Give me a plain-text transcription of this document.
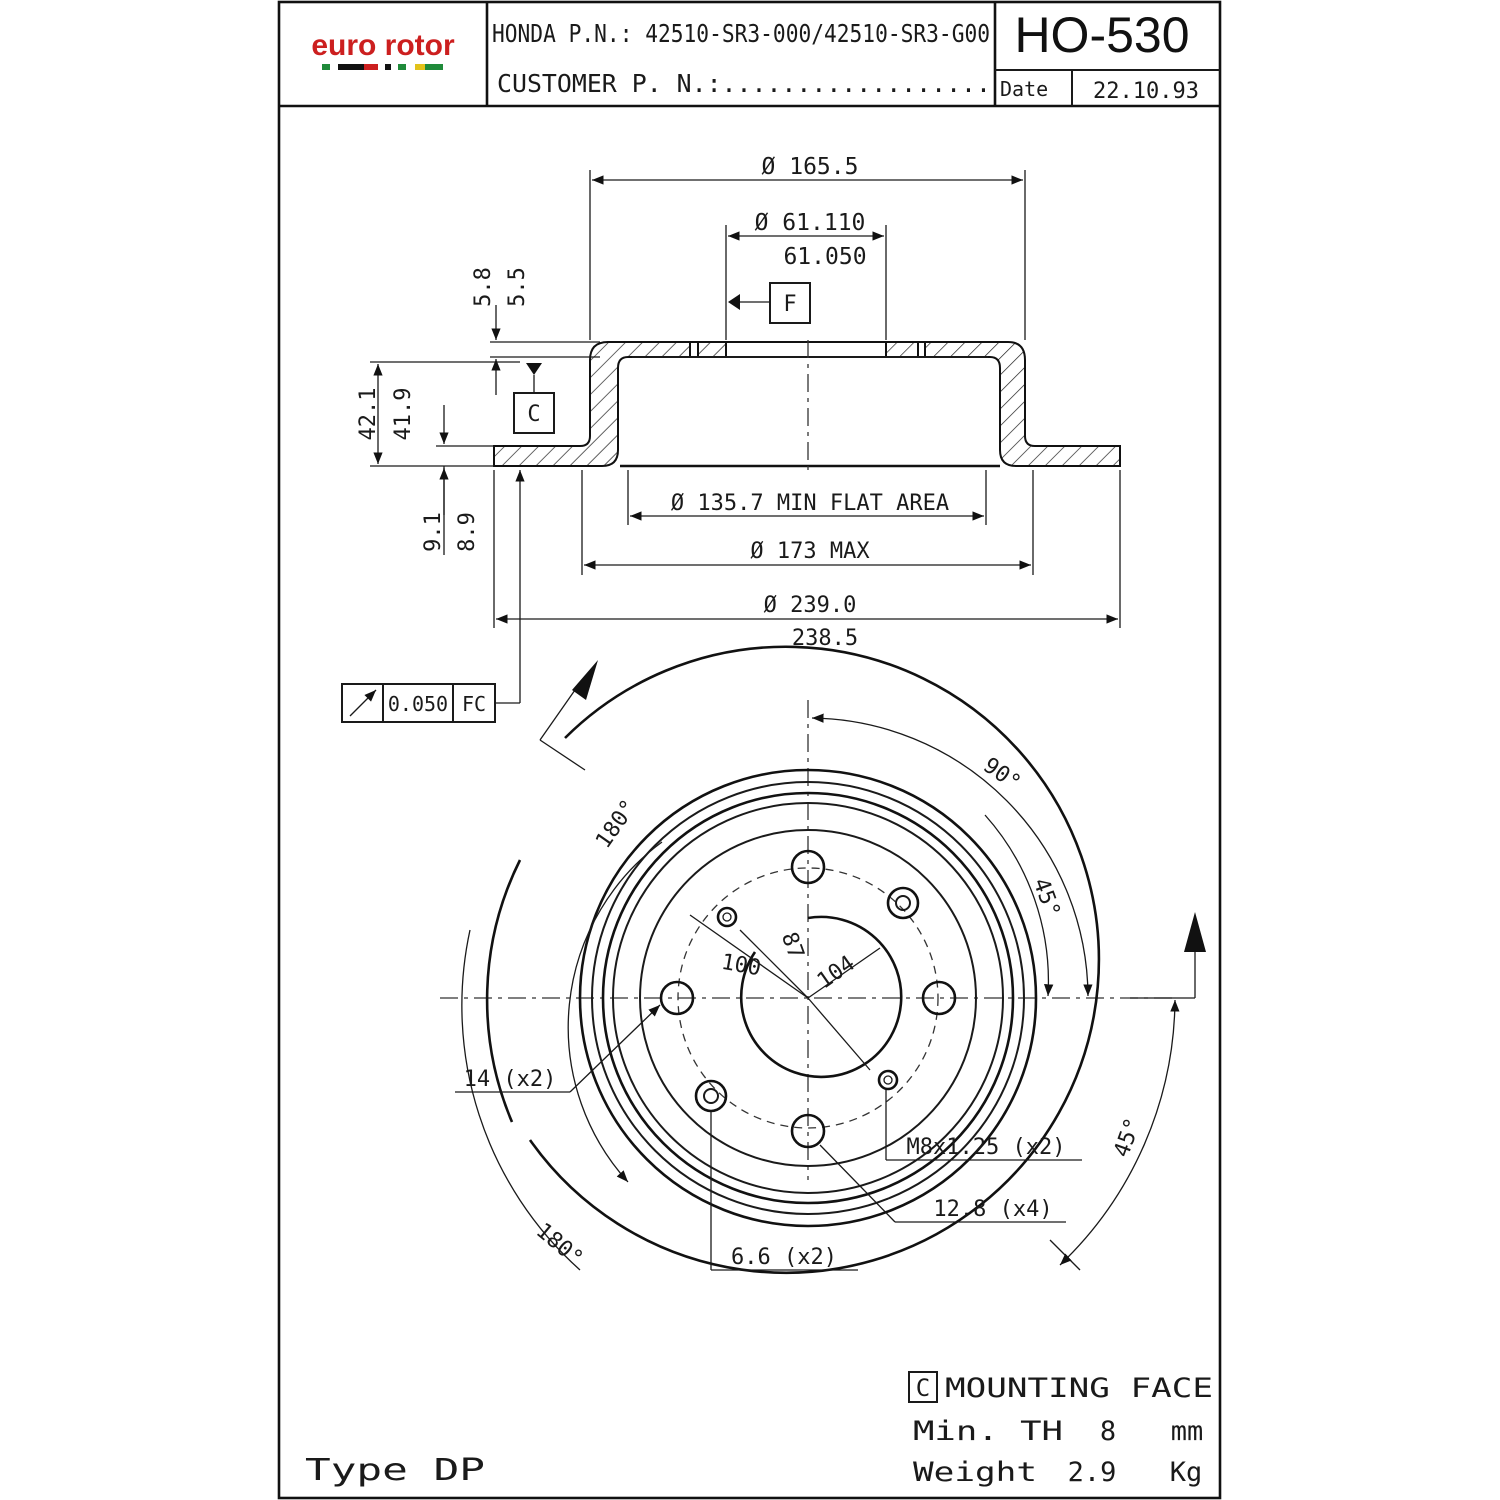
euro rotor HONDA P.N.: 42510-SR3-000/42510-SR3-G00
CUSTOMER P. N.:..................
HO-530
Date 22.10.93
Ø 165.5
Ø 61.110
61.050
F
5.8 5.5
C
42.1 41.9
9.1 8.9
Ø 135.7 MIN FLAT AREA
Ø 173 MAX
Ø 239.0
238.5
0.050 FC
100
87
104
90°
45°
180°
45°
180°
14 (x2)
M8x1.25 (x2)
12.8 (x4)
6.6 (x2)
C MOUNTING FACE
Min. TH 8 mm
Weight 2.9 Kg
Type DP
